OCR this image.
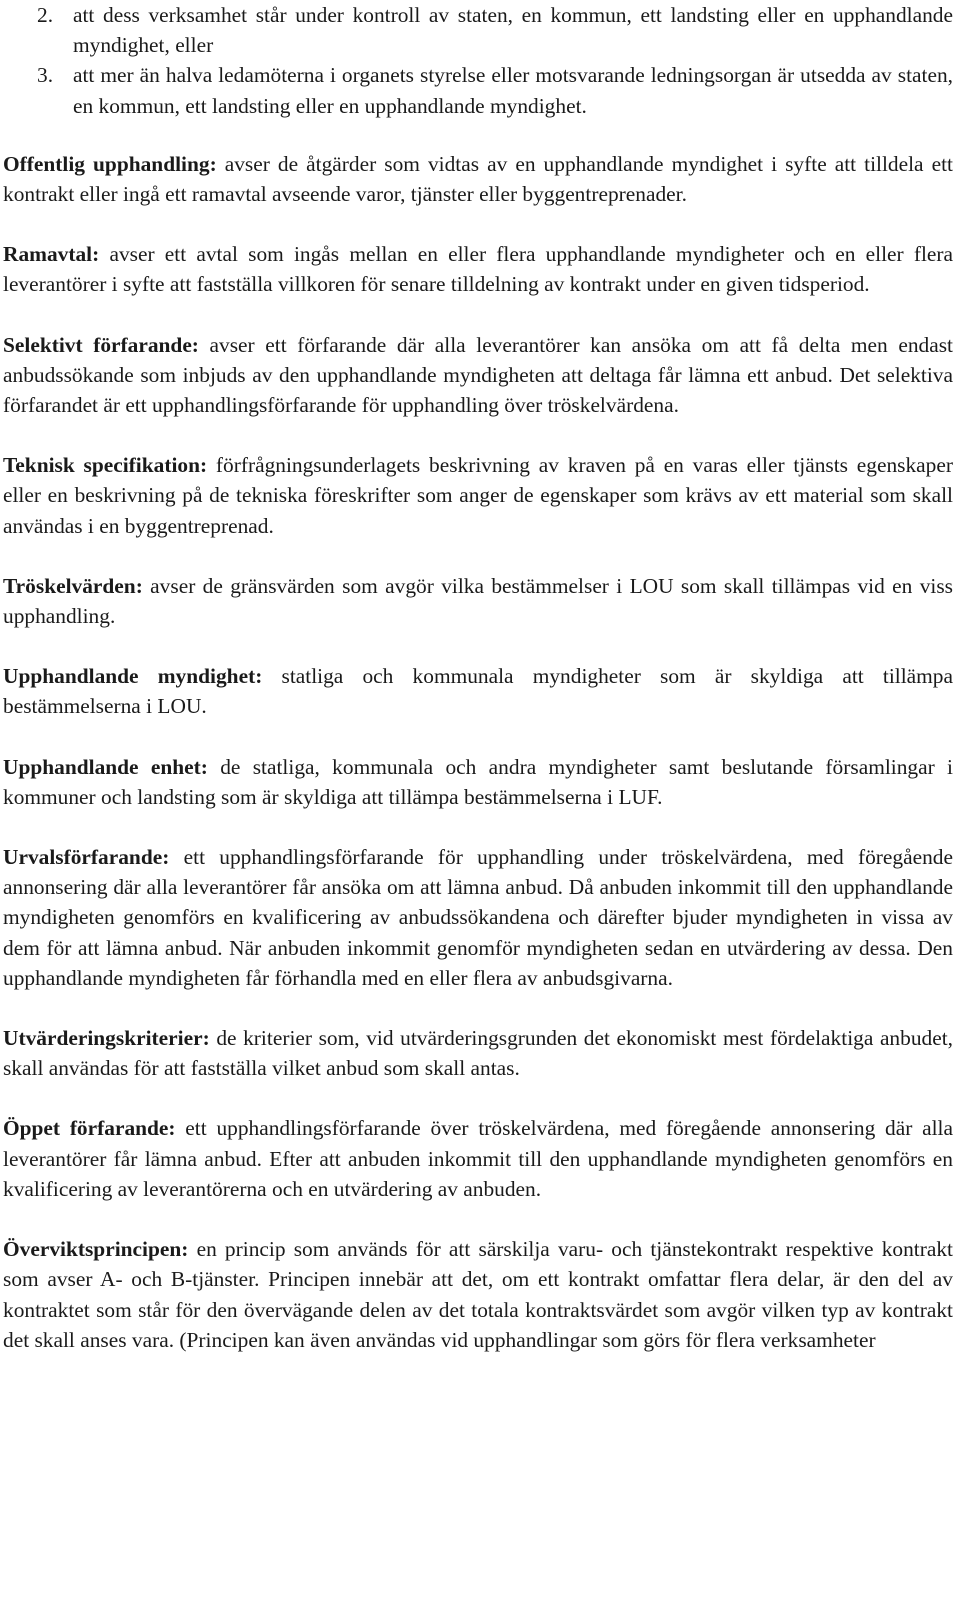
2. att dess verksamhet står under kontroll av staten, en kommun, ett landsting eller en upphandlande myndighet, eller
3. att mer än halva ledamöterna i organets styrelse eller motsvarande ledningsorgan är utsedda av staten, en kommun, ett landsting eller en upphandlande myndighet.

Offentlig upphandling: avser de åtgärder som vidtas av en upphandlande myndighet i syfte att tilldela ett kontrakt eller ingå ett ramavtal avseende varor, tjänster eller byggentreprenader.

Ramavtal: avser ett avtal som ingås mellan en eller flera upphandlande myndigheter och en eller flera leverantörer i syfte att fastställa villkoren för senare tilldelning av kontrakt under en given tidsperiod.

Selektivt förfarande: avser ett förfarande där alla leverantörer kan ansöka om att få delta men endast anbudssökande som inbjuds av den upphandlande myndigheten att deltaga får lämna ett anbud. Det selektiva förfarandet är ett upphandlingsförfarande för upphandling över tröskelvärdena.

Teknisk specifikation: förfrågningsunderlagets beskrivning av kraven på en varas eller tjänsts egenskaper eller en beskrivning på de tekniska föreskrifter som anger de egenskaper som krävs av ett material som skall användas i en byggentreprenad.

Tröskelvärden: avser de gränsvärden som avgör vilka bestämmelser i LOU som skall tillämpas vid en viss upphandling.

Upphandlande myndighet: statliga och kommunala myndigheter som är skyldiga att tillämpa bestämmelserna i LOU.

Upphandlande enhet: de statliga, kommunala och andra myndigheter samt beslutande församlingar i kommuner och landsting som är skyldiga att tillämpa bestämmelserna i LUF.

Urvalsförfarande: ett upphandlingsförfarande för upphandling under tröskelvärdena, med föregående annonsering där alla leverantörer får ansöka om att lämna anbud. Då anbuden inkommit till den upphandlande myndigheten genomförs en kvalificering av anbudssökandena och därefter bjuder myndigheten in vissa av dem för att lämna anbud. När anbuden inkommit genomför myndigheten sedan en utvärdering av dessa. Den upphandlande myndigheten får förhandla med en eller flera av anbudsgivarna.

Utvärderingskriterier: de kriterier som, vid utvärderingsgrunden det ekonomiskt mest fördelaktiga anbudet, skall användas för att fastställa vilket anbud som skall antas.

Öppet förfarande: ett upphandlingsförfarande över tröskelvärdena, med föregående annonsering där alla leverantörer får lämna anbud. Efter att anbuden inkommit till den upphandlande myndigheten genomförs en kvalificering av leverantörerna och en utvärdering av anbuden.

Överviktsprincipen: en princip som används för att särskilja varu- och tjänstekontrakt respektive kontrakt som avser A- och B-tjänster. Principen innebär att det, om ett kontrakt omfattar flera delar, är den del av kontraktet som står för den övervägande delen av det totala kontraktsvärdet som avgör vilken typ av kontrakt det skall anses vara. (Principen kan även användas vid upphandlingar som görs för flera verksamheter
